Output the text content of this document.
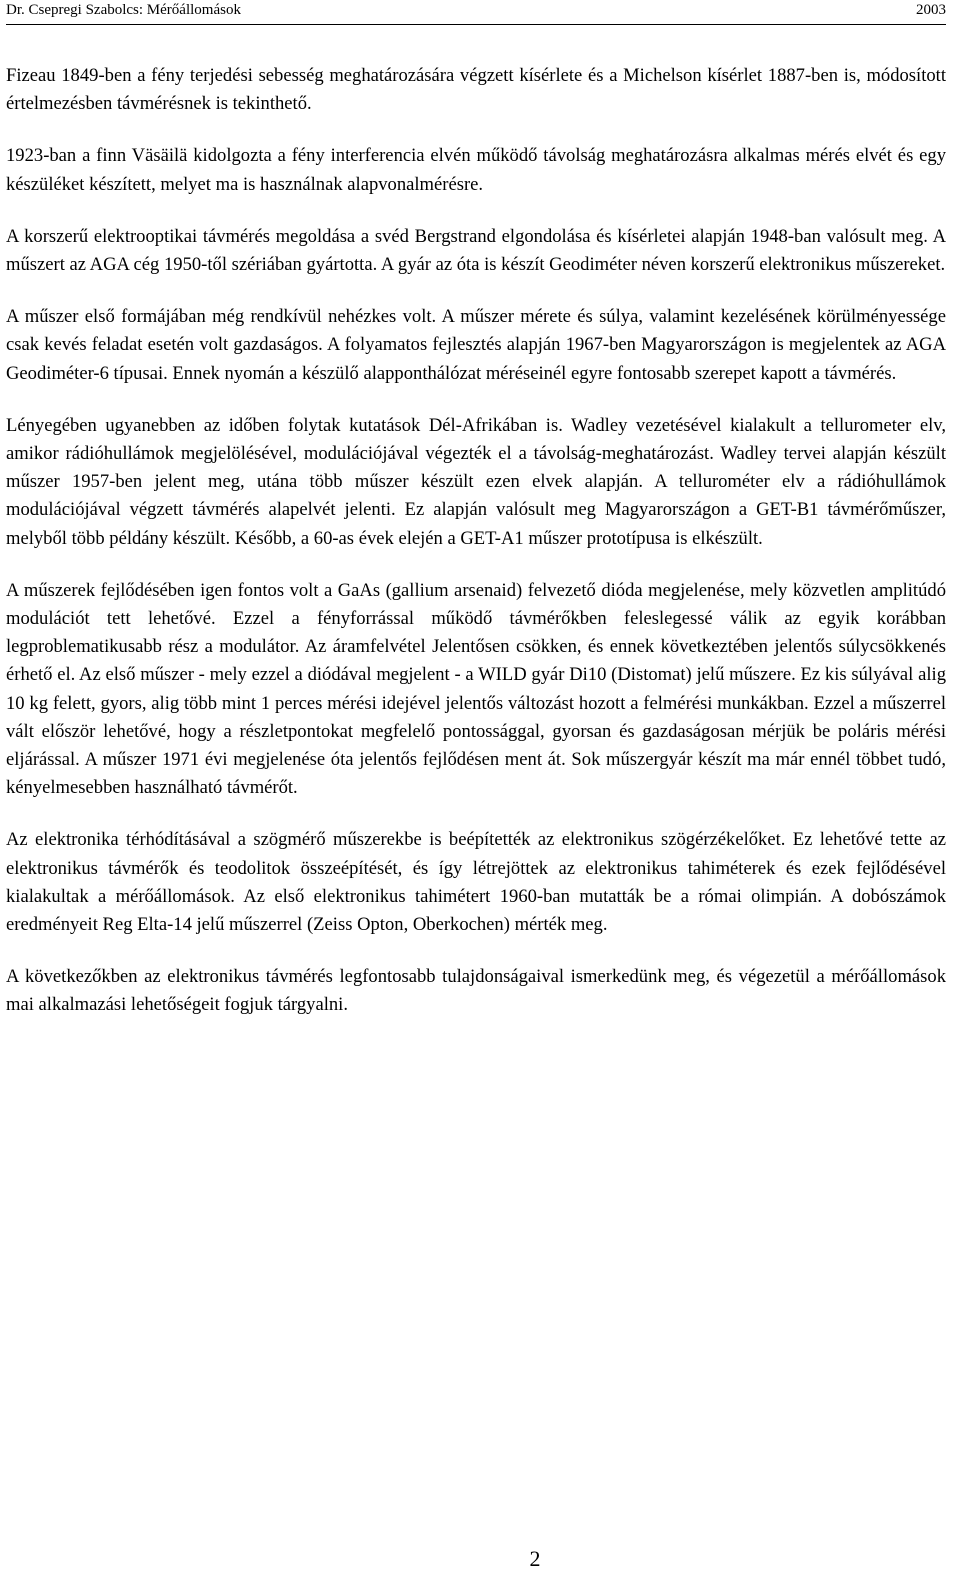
Dr. Csepregi Szabolcs: Mérőállomások	2003

Fizeau 1849-ben a fény terjedési sebesség meghatározására végzett kísérlete és a Michelson kísérlet 1887-ben is, módosított értelmezésben távmérésnek is tekinthető.

1923-ban a finn Väsäilä kidolgozta a fény interferencia elvén működő távolság meghatározásra alkalmas mérés elvét és egy készüléket készített, melyet ma is használnak alapvonalmérésre.

A korszerű elektrooptikai távmérés megoldása a svéd Bergstrand elgondolása és kísérletei alapján 1948-ban valósult meg. A műszert az AGA cég 1950-től szériában gyártotta. A gyár az óta is készít Geodiméter néven korszerű elektronikus műszereket.

A műszer első formájában még rendkívül nehézkes volt. A műszer mérete és súlya, valamint kezelésének körülményessége csak kevés feladat esetén volt gazdaságos. A folyamatos fejlesztés alapján 1967-ben Magyarországon is megjelentek az AGA Geodiméter-6 típusai. Ennek nyomán a készülő alapponthálózat méréseinél egyre fontosabb szerepet kapott a távmérés.

Lényegében ugyanebben az időben folytak kutatások Dél-Afrikában is. Wadley vezetésével kialakult a tellurometer elv, amikor rádióhullámok megjelölésével, modulációjával végezték el a távolság-meghatározást. Wadley tervei alapján készült műszer 1957-ben jelent meg, utána több műszer készült ezen elvek alapján. A tellurométer elv a rádióhullámok modulációjával végzett távmérés alapelvét jelenti. Ez alapján valósult meg Magyarországon a GET-B1 távmérőműszer, melyből több példány készült. Később, a 60-as évek elején a GET-A1 műszer prototípusa is elkészült.

A műszerek fejlődésében igen fontos volt a GaAs (gallium arsenaid) felvezető dióda megjelenése, mely közvetlen amplitúdó modulációt tett lehetővé. Ezzel a fényforrással működő távmérőkben feleslegessé válik az egyik korábban legproblematikusabb rész a modulátor. Az áramfelvétel Jelentősen csökken, és ennek következtében jelentős súlycsökkenés érhető el. Az első műszer - mely ezzel a diódával megjelent - a WILD gyár Di10 (Distomat) jelű műszere. Ez kis súlyával alig 10 kg felett, gyors, alig több mint 1 perces mérési idejével jelentős változást hozott a felmérési munkákban. Ezzel a műszerrel vált először lehetővé, hogy a részletpontokat megfelelő pontossággal, gyorsan és gazdaságosan mérjük be poláris mérési eljárással. A műszer 1971 évi megjelenése óta jelentős fejlődésen ment át. Sok műszergyár készít ma már ennél többet tudó, kényelmesebben használható távmérőt.

Az elektronika térhódításával a szögmérő műszerekbe is beépítették az elektronikus szögérzékelőket. Ez lehetővé tette az elektronikus távmérők és teodolitok összeépítését, és így létrejöttek az elektronikus tahiméterek és ezek fejlődésével kialakultak a mérőállomások. Az első elektronikus tahimétert 1960-ban mutatták be a római olimpián. A dobószámok eredményeit Reg Elta-14 jelű műszerrel (Zeiss Opton, Oberkochen) mérték meg.

A következőkben az elektronikus távmérés legfontosabb tulajdonságaival ismerkedünk meg, és végezetül a mérőállomások mai alkalmazási lehetőségeit fogjuk tárgyalni.

2
